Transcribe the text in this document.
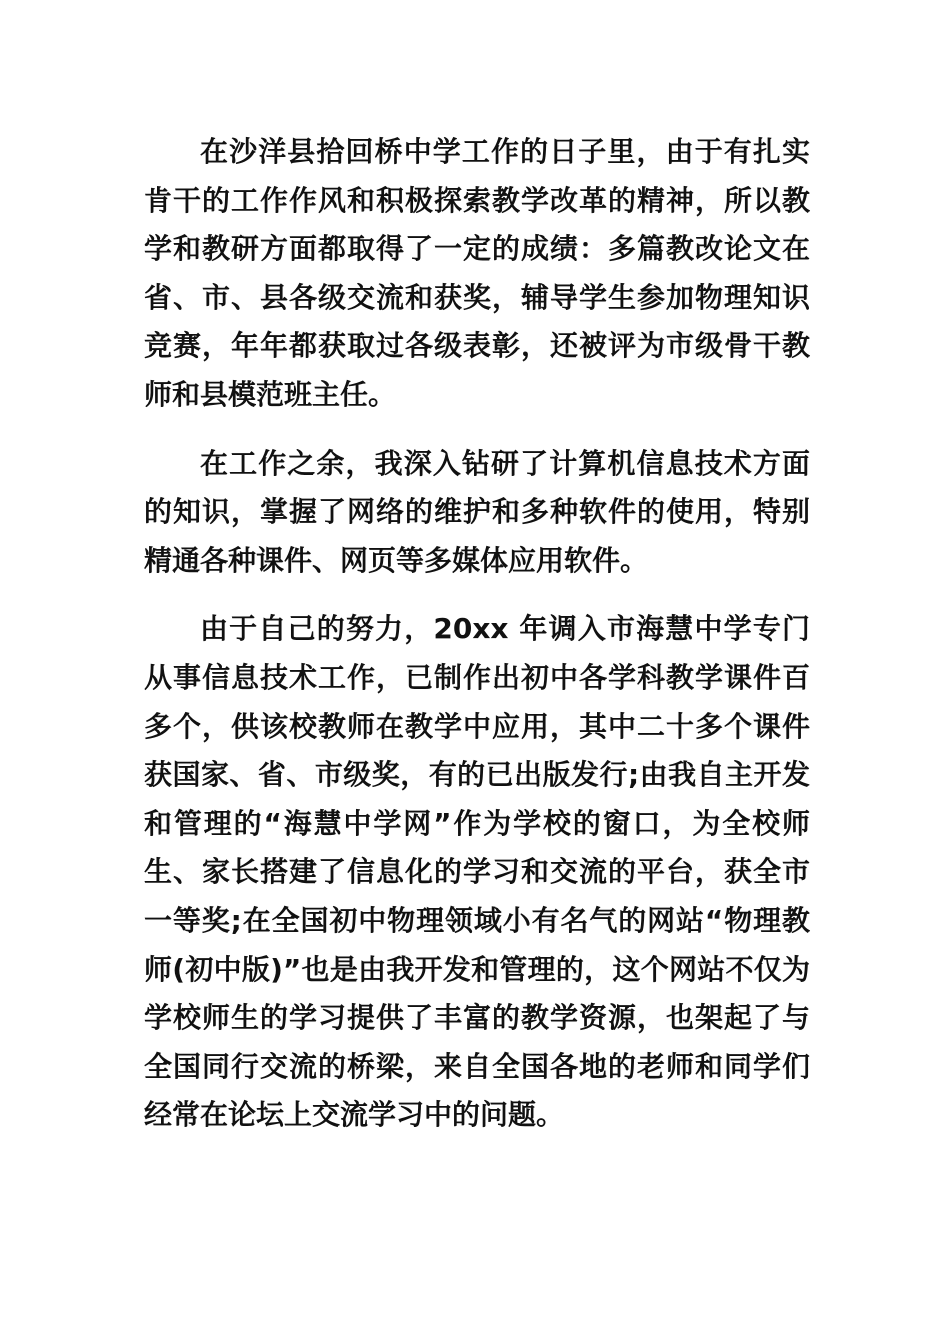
在沙洋县拾回桥中学工作的日子里，由于有扎实肯干的工作作风和积极探索教学改革的精神，所以教学和教研方面都取得了一定的成绩：多篇教改论文在省、市、县各级交流和获奖，辅导学生参加物理知识竞赛，年年都获取过各级表彰，还被评为市级骨干教师和县模范班主任。

在工作之余，我深入钻研了计算机信息技术方面的知识，掌握了网络的维护和多种软件的使用，特别精通各种课件、网页等多媒体应用软件。

由于自己的努力，20xx 年调入市海慧中学专门从事信息技术工作，已制作出初中各学科教学课件百多个，供该校教师在教学中应用，其中二十多个课件获国家、省、市级奖，有的已出版发行;由我自主开发和管理的“海慧中学网”作为学校的窗口，为全校师生、家长搭建了信息化的学习和交流的平台，获全市一等奖;在全国初中物理领域小有名气的网站“物理教师(初中版)”也是由我开发和管理的，这个网站不仅为学校师生的学习提供了丰富的教学资源，也架起了与全国同行交流的桥梁，来自全国各地的老师和同学们经常在论坛上交流学习中的问题。
